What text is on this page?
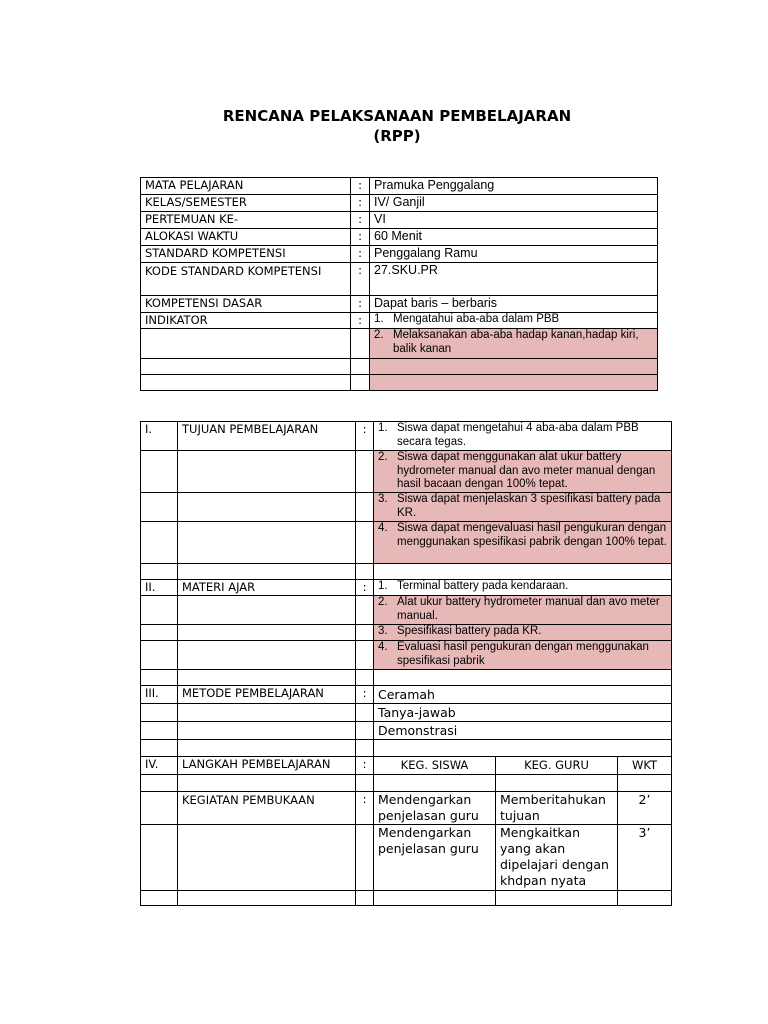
RENCANA PELAKSANAAN PEMBELAJARAN
(RPP)
MATA PELAJARAN	:	Pramuka Penggalang
KELAS/SEMESTER	:	IV/ Ganjil
PERTEMUAN KE-	:	VI
ALOKASI WAKTU	:	60 Menit
STANDARD KOMPETENSI	:	Penggalang Ramu
KODE STANDARD KOMPETENSI	:	27.SKU.PR
KOMPETENSI DASAR	:	Dapat baris – berbaris
INDIKATOR	:	1. Mengatahui aba-aba dalam PBB

		2. Melaksanakan aba-aba hadap kanan,hadap kiri, balik kanan

I.	TUJUAN PEMBELAJARAN	:	1. Siswa dapat mengetahui 4 aba-aba dalam PBB secara tegas.		

			2. Siswa dapat menggunakan alat ukur battery hydrometer manual dan avo meter manual dengan hasil bacaan dengan 100% tepat.		

			3. Siswa dapat menjelaskan 3 spesifikasi battery pada KR.		

			4. Siswa dapat mengevaluasi hasil pengukuran dengan menggunakan spesifikasi pabrik dengan 100% tepat.		

II.	MATERI AJAR	:	1. Terminal battery pada kendaraan.		

			2. Alat ukur battery hydrometer manual dan avo meter manual.		

			3. Spesifikasi battery pada KR.		

			4. Evaluasi hasil pengukuran dengan menggunakan spesifikasi pabrik		

III.	METODE PEMBELAJARAN	:	Ceramah		
			Tanya-jawab		
			Demonstrasi		

IV.	LANGKAH PEMBELAJARAN	:	KEG. SISWA	KEG. GURU	WKT

	KEGIATAN PEMBUKAAN	:	Mendengarkan penjelasan guru	Memberitahukan tujuan	2’
			Mendengarkan penjelasan guru	Mengkaitkan yang akan dipelajari dengan khdpan nyata	3’
